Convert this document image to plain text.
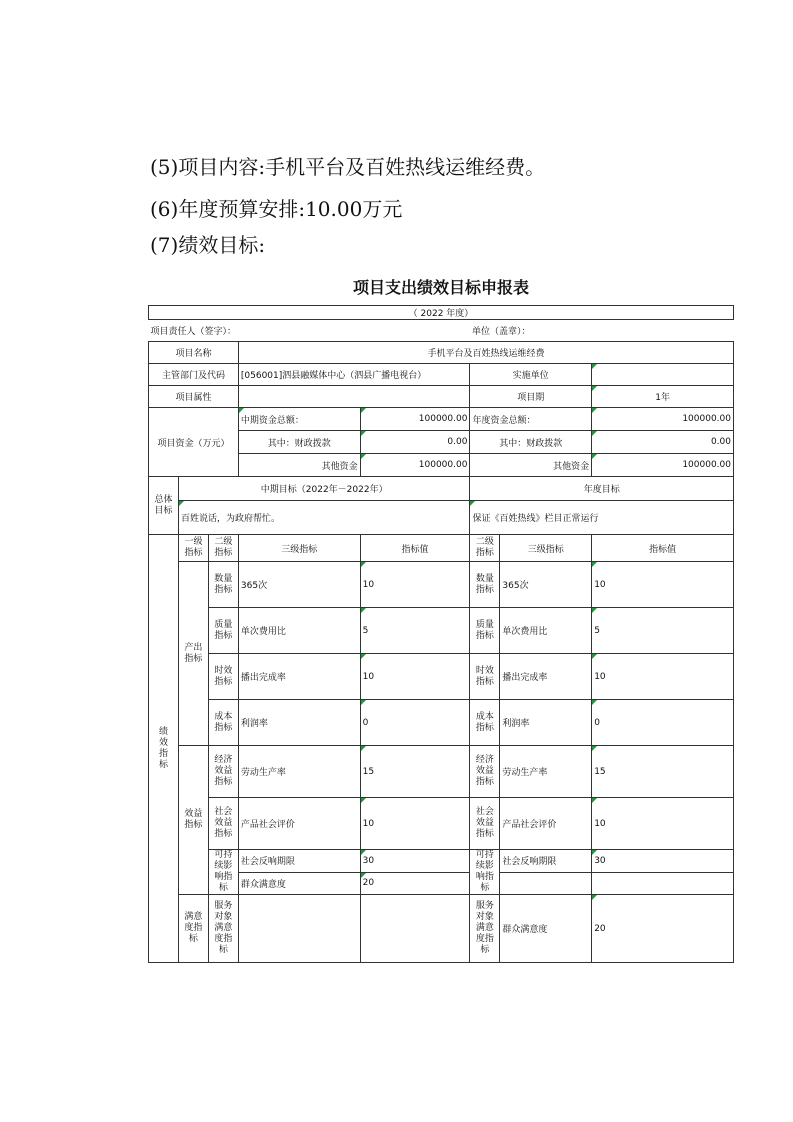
(5)项目内容:手机平台及百姓热线运维经费。
(6)年度预算安排:10.00万元
(7)绩效目标:
项目支出绩效目标申报表
（ 2022 年度）							
项目责任人（签字）：					单位（盖章）：		
项目名称			手机平台及百姓热线运维经费				
主管部门及代码			[056001]泗县融媒体中心（泗县广播电视台）		实施单位		
项目属性					项目期		1年
项目资金（万元）			中期资金总额：	100000.00	年度资金总额：		100000.00
			其中：财政拨款	0.00	其中：财政拨款		0.00
			其他资金	100000.00	其他资金		100000.00

总体目标	中期目标（2022年－2022年）				年度目标		
	百姓说话，为政府帮忙。				保证《百姓热线》栏目正常运行		

绩效指标	一级指标	二级指标	三级指标	指标值	二级指标	三级指标	指标值

	产出指标	数量指标	365次	10	数量指标	365次	10

		质量指标	单次费用比	5	质量指标	单次费用比	5

		时效指标	播出完成率	10	时效指标	播出完成率	10

		成本指标	利润率	0	成本指标	利润率	0

	效益指标	经济效益指标	劳动生产率	15	经济效益指标	劳动生产率	15

		社会效益指标	产品社会评价	10	社会效益指标	产品社会评价	10

		可持续影响指标	社会反响期限	30	可持续影响指标	社会反响期限	30
			群众满意度	20			

	满意度指标	服务对象满意度指标			服务对象满意度指标	群众满意度	20
